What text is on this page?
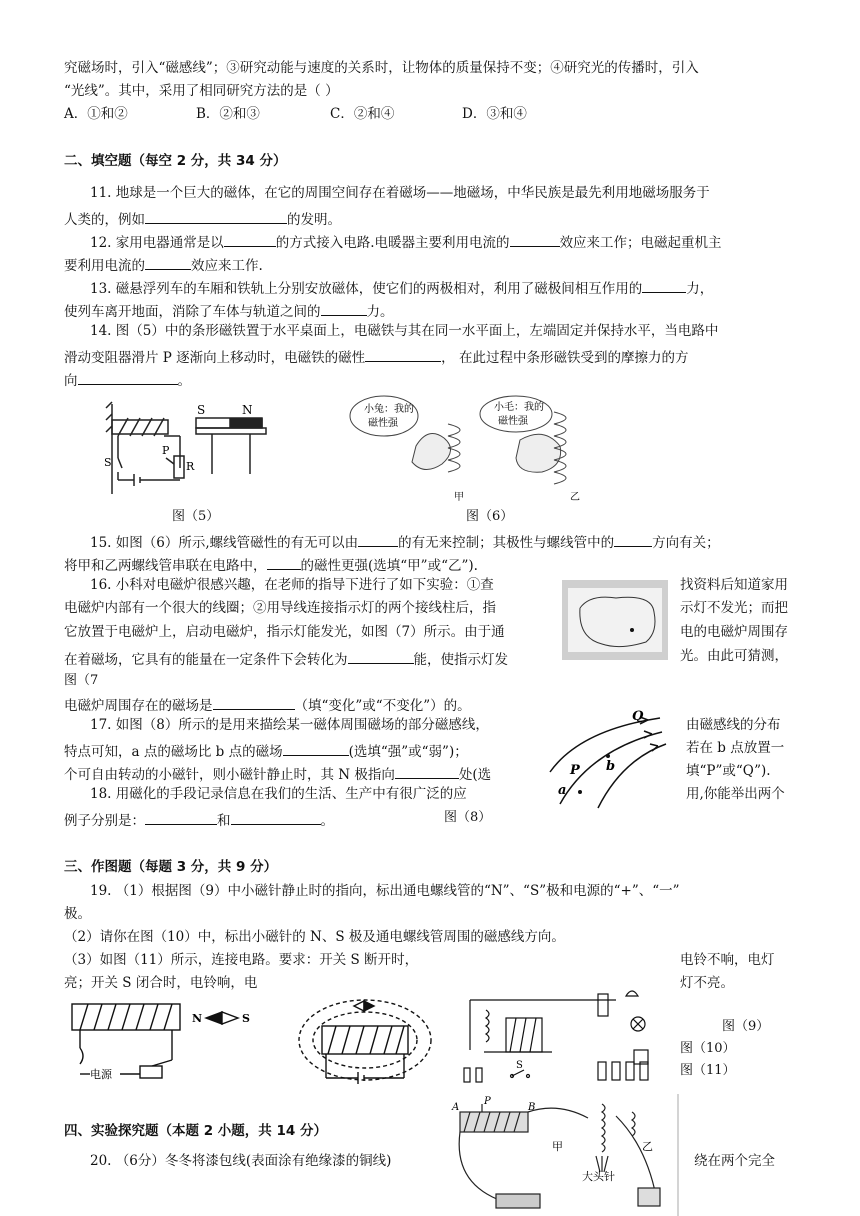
究磁场时，引入“磁感线”；③研究动能与速度的关系时，让物体的质量保持不变；④研究光的传播时，引入
“光线”。其中，采用了相同研究方法的是（ ）
A．①和②	B．②和③	C．②和④	D．③和④
二、填空题（每空 2 分，共 34 分）
11. 地球是一个巨大的磁体，在它的周围空间存在着磁场——地磁场，中华民族是最先利用地磁场服务于
人类的，例如	的发明。
12. 家用电器通常是以	的方式接入电路.电暖器主要利用电流的	效应来工作；电磁起重机主
要利用电流的	效应来工作.
13. 磁悬浮列车的车厢和铁轨上分别安放磁体，使它们的两极相对，利用了磁极间相互作用的	力，
使列车离开地面，消除了车体与轨道之间的	力。
14. 图（5）中的条形磁铁置于水平桌面上，电磁铁与其在同一水平面上，左端固定并保持水平，当电路中
滑动变阻器滑片 P 逐渐向上移动时，电磁铁的磁性	， 在此过程中条形磁铁受到的摩擦力的方
向	。
S	N
P
R
S
图（5）
小兔：我的
磁性强
小毛：我的
磁性强
甲	乙
图（6）
15. 如图（6）所示,螺线管磁性的有无可以由	的有无来控制；其极性与螺线管中的	方向有关；
将甲和乙两螺线管串联在电路中，	的磁性更强(选填“甲”或“乙”).
16. 小科对电磁炉很感兴趣，在老师的指导下进行了如下实验：①查	找资料后知道家用
电磁炉内部有一个很大的线圈；②用导线连接指示灯的两个接线柱后，指	示灯不发光；而把
它放置于电磁炉上，启动电磁炉，指示灯能发光，如图（7）所示。由于通	电的电磁炉周围存
在着磁场，它具有的能量在一定条件下会转化为	能，使指示灯发	光。由此可猜测，
图（7
电磁炉周围存在的磁场是	（填“变化”或“不变化”）的。
17. 如图（8）所示的是用来描绘某一磁体周围磁场的部分磁感线，	由磁感线的分布
特点可知，a 点的磁场比 b 点的磁场	(选填“强”或“弱”)；	若在 b 点放置一
个可自由转动的小磁针，则小磁针静止时，其 N 极指向	处(选	填“P”或“Q”).
18. 用磁化的手段记录信息在我们的生活、生产中有很广泛的应	用,你能举出两个
例子分别是：	和	。	图（8）
Q
P b
a
三、作图题（每题 3 分，共 9 分）
19. （1）根据图（9）中小磁针静止时的指向，标出通电螺线管的“N”、“S”极和电源的“+”、“一”
极。
（2）请你在图（10）中，标出小磁针的 N、S 极及通电螺线管周围的磁感线方向。
（3）如图（11）所示，连接电路。要求：开关 S 断开时，	电铃不响，电灯
亮；开关 S 闭合时，电铃响，电	灯不亮。
电源
N	S
S
图（9）
图（10）
图（11）
四、实验探究题（本题 2 小题，共 14 分）
20. （6分）冬冬将漆包线(表面涂有绝缘漆的铜线)	绕在两个完全
A	B
P
甲	乙
大头针
